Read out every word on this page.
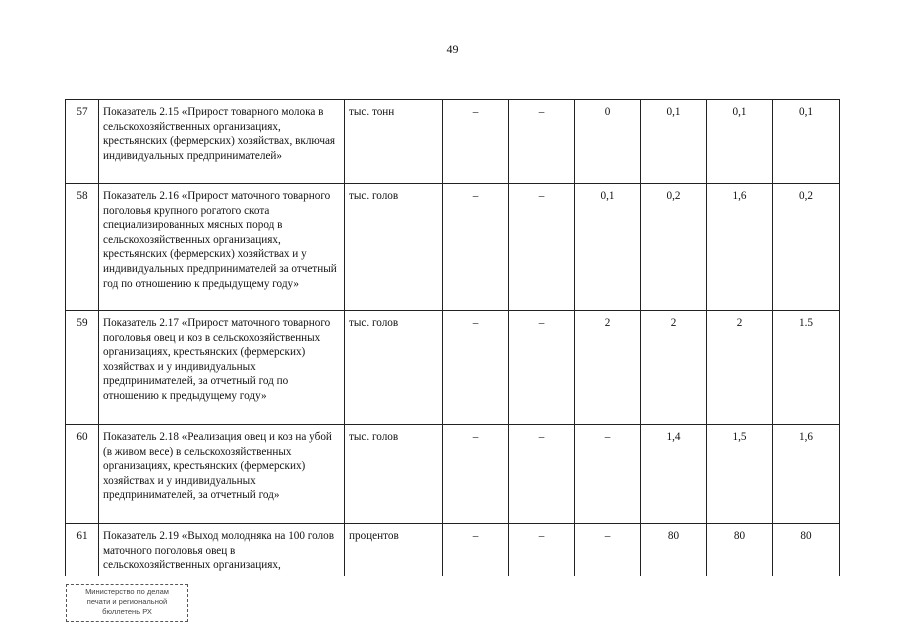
49
57	Показатель 2.15 «Прирост товарного молока в сельскохозяйственных организациях, крестьянских (фермерских) хозяйствах, включая индивидуальных предпринимателей»	тыс. тонн	–	–	0	0,1	0,1	0,1
58	Показатель 2.16 «Прирост маточного товарного поголовья крупного рогатого скота специализированных мясных пород в сельскохозяйственных организациях, крестьянских (фермерских) хозяйствах и у индивидуальных предпринимателей за отчетный год по отношению к предыдущему году»	тыс. голов	–	–	0,1	0,2	1,6	0,2
59	Показатель 2.17 «Прирост маточного товарного поголовья овец и коз в сельскохозяйственных организациях, крестьянских (фермерских) хозяйствах и у индивидуальных предпринимателей, за отчетный год по отношению к предыдущему году»	тыс. голов	–	–	2	2	2	1.5
60	Показатель 2.18 «Реализация овец и коз на убой (в живом весе) в сельскохозяйственных организациях, крестьянских (фермерских) хозяйствах и у индивидуальных предпринимателей, за отчетный год»	тыс. голов	–	–	–	1,4	1,5	1,6
61	Показатель 2.19 «Выход молодняка на 100 голов маточного поголовья овец в сельскохозяйственных организациях,	процентов	–	–	–	80	80	80
Министерство по делам
печати и региональной
бюллетень РХ
